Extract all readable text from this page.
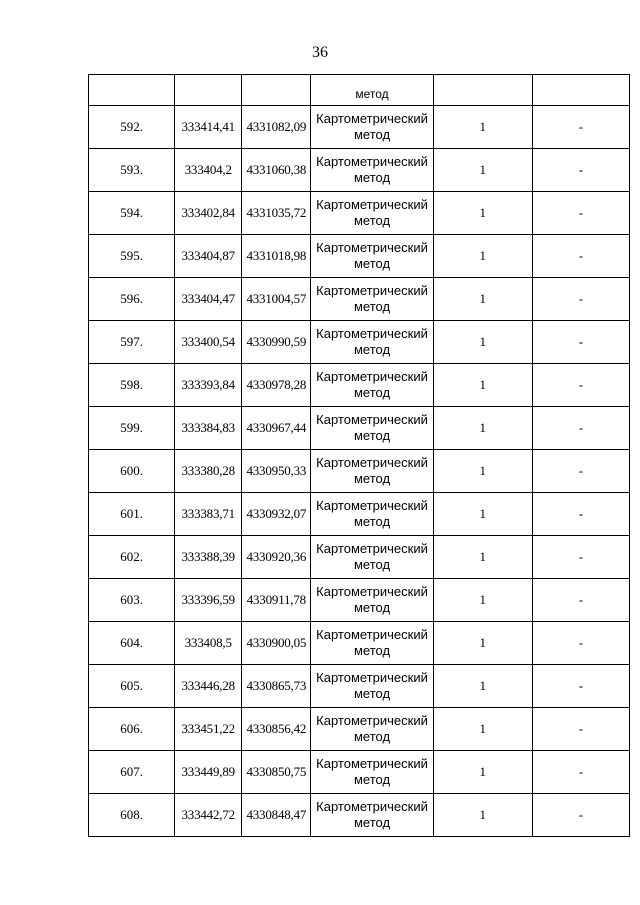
36
			метод		
592.	333414,41	4331082,09	Картометрический
метод	1	-
593.	333404,2	4331060,38	Картометрический
метод	1	-
594.	333402,84	4331035,72	Картометрический
метод	1	-
595.	333404,87	4331018,98	Картометрический
метод	1	-
596.	333404,47	4331004,57	Картометрический
метод	1	-
597.	333400,54	4330990,59	Картометрический
метод	1	-
598.	333393,84	4330978,28	Картометрический
метод	1	-
599.	333384,83	4330967,44	Картометрический
метод	1	-
600.	333380,28	4330950,33	Картометрический
метод	1	-
601.	333383,71	4330932,07	Картометрический
метод	1	-
602.	333388,39	4330920,36	Картометрический
метод	1	-
603.	333396,59	4330911,78	Картометрический
метод	1	-
604.	333408,5	4330900,05	Картометрический
метод	1	-
605.	333446,28	4330865,73	Картометрический
метод	1	-
606.	333451,22	4330856,42	Картометрический
метод	1	-
607.	333449,89	4330850,75	Картометрический
метод	1	-
608.	333442,72	4330848,47	Картометрический
метод	1	-
